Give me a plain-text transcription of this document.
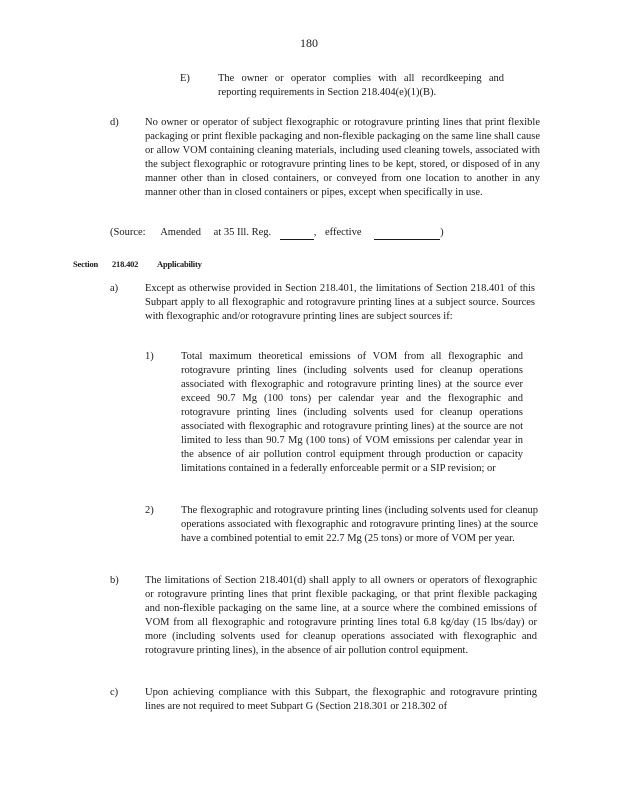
180
E)	The owner or operator complies with all recordkeeping and reporting requirements in Section 218.404(e)(1)(B).
d)	No owner or operator of subject flexographic or rotogravure printing lines that print flexible packaging or print flexible packaging and non-flexible packaging on the same line shall cause or allow VOM containing cleaning materials, including used cleaning towels, associated with the subject flexographic or rotogravure printing lines to be kept, stored, or disposed of in any manner other than in closed containers, or conveyed from one location to another in any manner other than in closed containers or pipes, except when specifically in use.
(Source: Amended at 35 Ill. Reg.	, effective	)
Section 218.402 Applicability
a)	Except as otherwise provided in Section 218.401, the limitations of Section 218.401 of this Subpart apply to all flexographic and rotogravure printing lines at a subject source. Sources with flexographic and/or rotogravure printing lines are subject sources if:
1)	Total maximum theoretical emissions of VOM from all flexographic and rotogravure printing lines (including solvents used for cleanup operations associated with flexographic and rotogravure printing lines) at the source ever exceed 90.7 Mg (100 tons) per calendar year and the flexographic and rotogravure printing lines (including solvents used for cleanup operations associated with flexographic and rotogravure printing lines) at the source are not limited to less than 90.7 Mg (100 tons) of VOM emissions per calendar year in the absence of air pollution control equipment through production or capacity limitations contained in a federally enforceable permit or a SIP revision; or
2)	The flexographic and rotogravure printing lines (including solvents used for cleanup operations associated with flexographic and rotogravure printing lines) at the source have a combined potential to emit 22.7 Mg (25 tons) or more of VOM per year.
b)	The limitations of Section 218.401(d) shall apply to all owners or operators of flexographic or rotogravure printing lines that print flexible packaging, or that print flexible packaging and non-flexible packaging on the same line, at a source where the combined emissions of VOM from all flexographic and rotogravure printing lines total 6.8 kg/day (15 lbs/day) or more (including solvents used for cleanup operations associated with flexographic and rotogravure printing lines), in the absence of air pollution control equipment.
c)	Upon achieving compliance with this Subpart, the flexographic and rotogravure printing lines are not required to meet Subpart G (Section 218.301 or 218.302 of
